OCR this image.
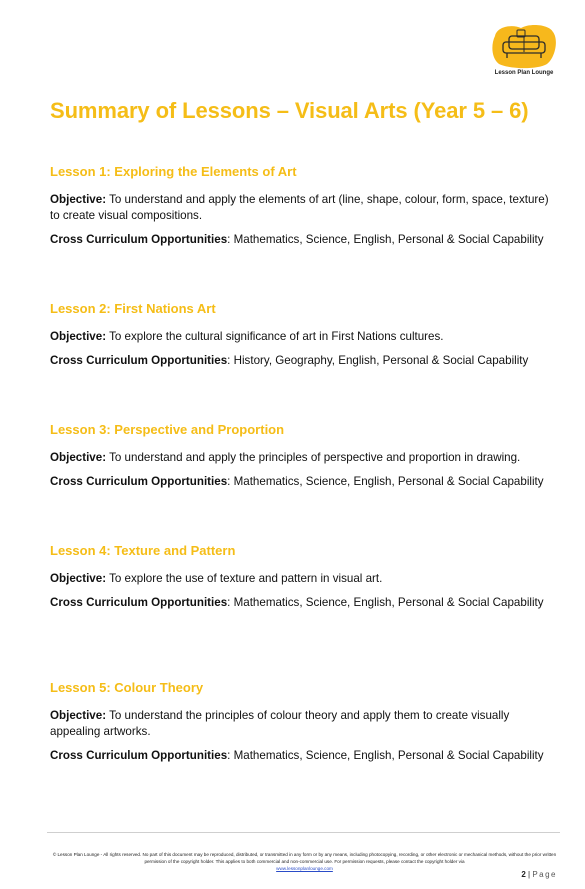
Lesson Plan Lounge
Summary of Lessons – Visual Arts (Year 5 – 6)
Lesson 1: Exploring the Elements of Art

Objective: To understand and apply the elements of art (line, shape, colour, form, space, texture) to create visual compositions.

Cross Curriculum Opportunities: Mathematics, Science, English, Personal & Social Capability

Lesson 2: First Nations Art

Objective: To explore the cultural significance of art in First Nations cultures.

Cross Curriculum Opportunities: History, Geography, English, Personal & Social Capability

Lesson 3: Perspective and Proportion

Objective: To understand and apply the principles of perspective and proportion in drawing.

Cross Curriculum Opportunities: Mathematics, Science, English, Personal & Social Capability

Lesson 4: Texture and Pattern

Objective: To explore the use of texture and pattern in visual art.

Cross Curriculum Opportunities: Mathematics, Science, English, Personal & Social Capability

Lesson 5: Colour Theory

Objective: To understand the principles of colour theory and apply them to create visually appealing artworks.

Cross Curriculum Opportunities: Mathematics, Science, English, Personal & Social Capability

© Lesson Plan Lounge - All rights reserved. No part of this document may be reproduced, distributed, or transmitted in any form or by any means, including photocopying, recording, or other electronic or mechanical methods, without the prior written permission of the copyright holder. This applies to both commercial and non-commercial use. For permission requests, please contact the copyright holder via
www.lessonplanlounge.com
2 | Page
